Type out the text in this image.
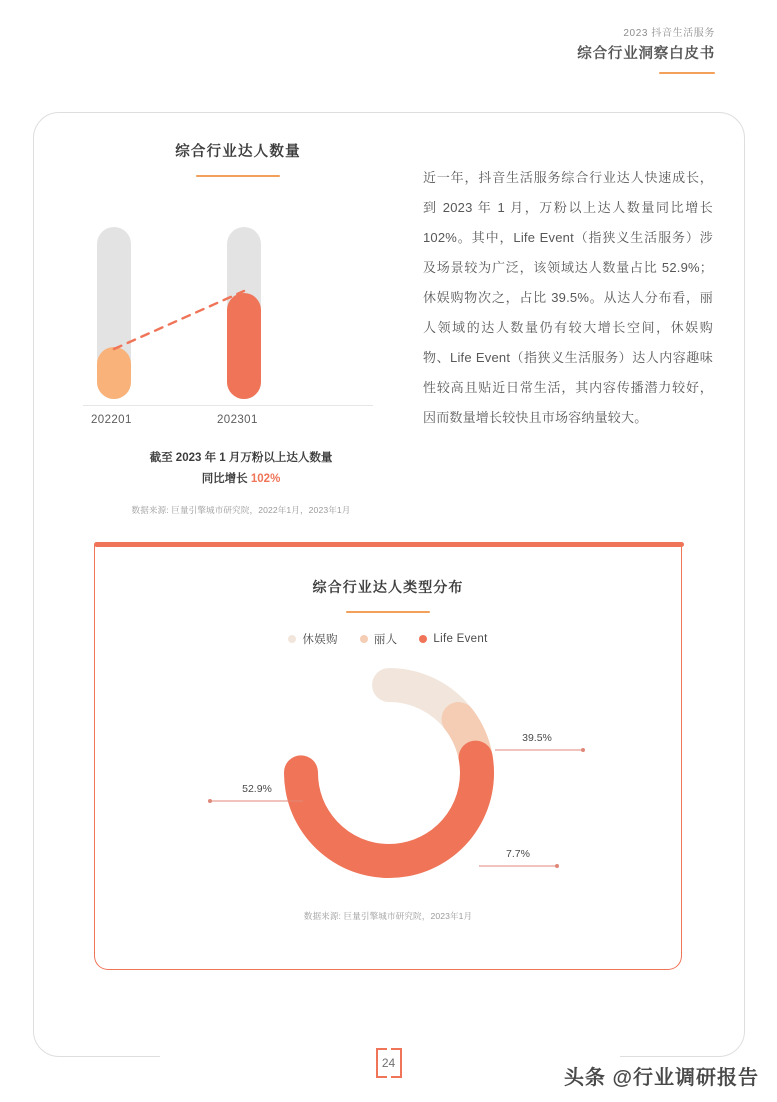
2023 抖音生活服务
综合行业洞察白皮书
综合行业达人数量
202201	202301
截至 2023 年 1 月万粉以上达人数量
同比增长 102%
数据来源: 巨量引擎城市研究院，2022年1月，2023年1月

近一年，抖音生活服务综合行业达人快速成长，到 2023 年 1 月，万粉以上达人数量同比增长 102%。其中，Life Event（指狭义生活服务）涉及场景较为广泛，该领域达人数量占比 52.9%；休娱购物次之，占比 39.5%。从达人分布看，丽人领域的达人数量仍有较大增长空间，休娱购物、Life Event（指狭义生活服务）达人内容趣味性较高且贴近日常生活，其内容传播潜力较好，因而数量增长较快且市场容纳量较大。

综合行业达人类型分布
休娱购	丽人	Life Event
39.5%
7.7%
52.9%
数据来源: 巨量引擎城市研究院，2023年1月
24
头条 @行业调研报告
